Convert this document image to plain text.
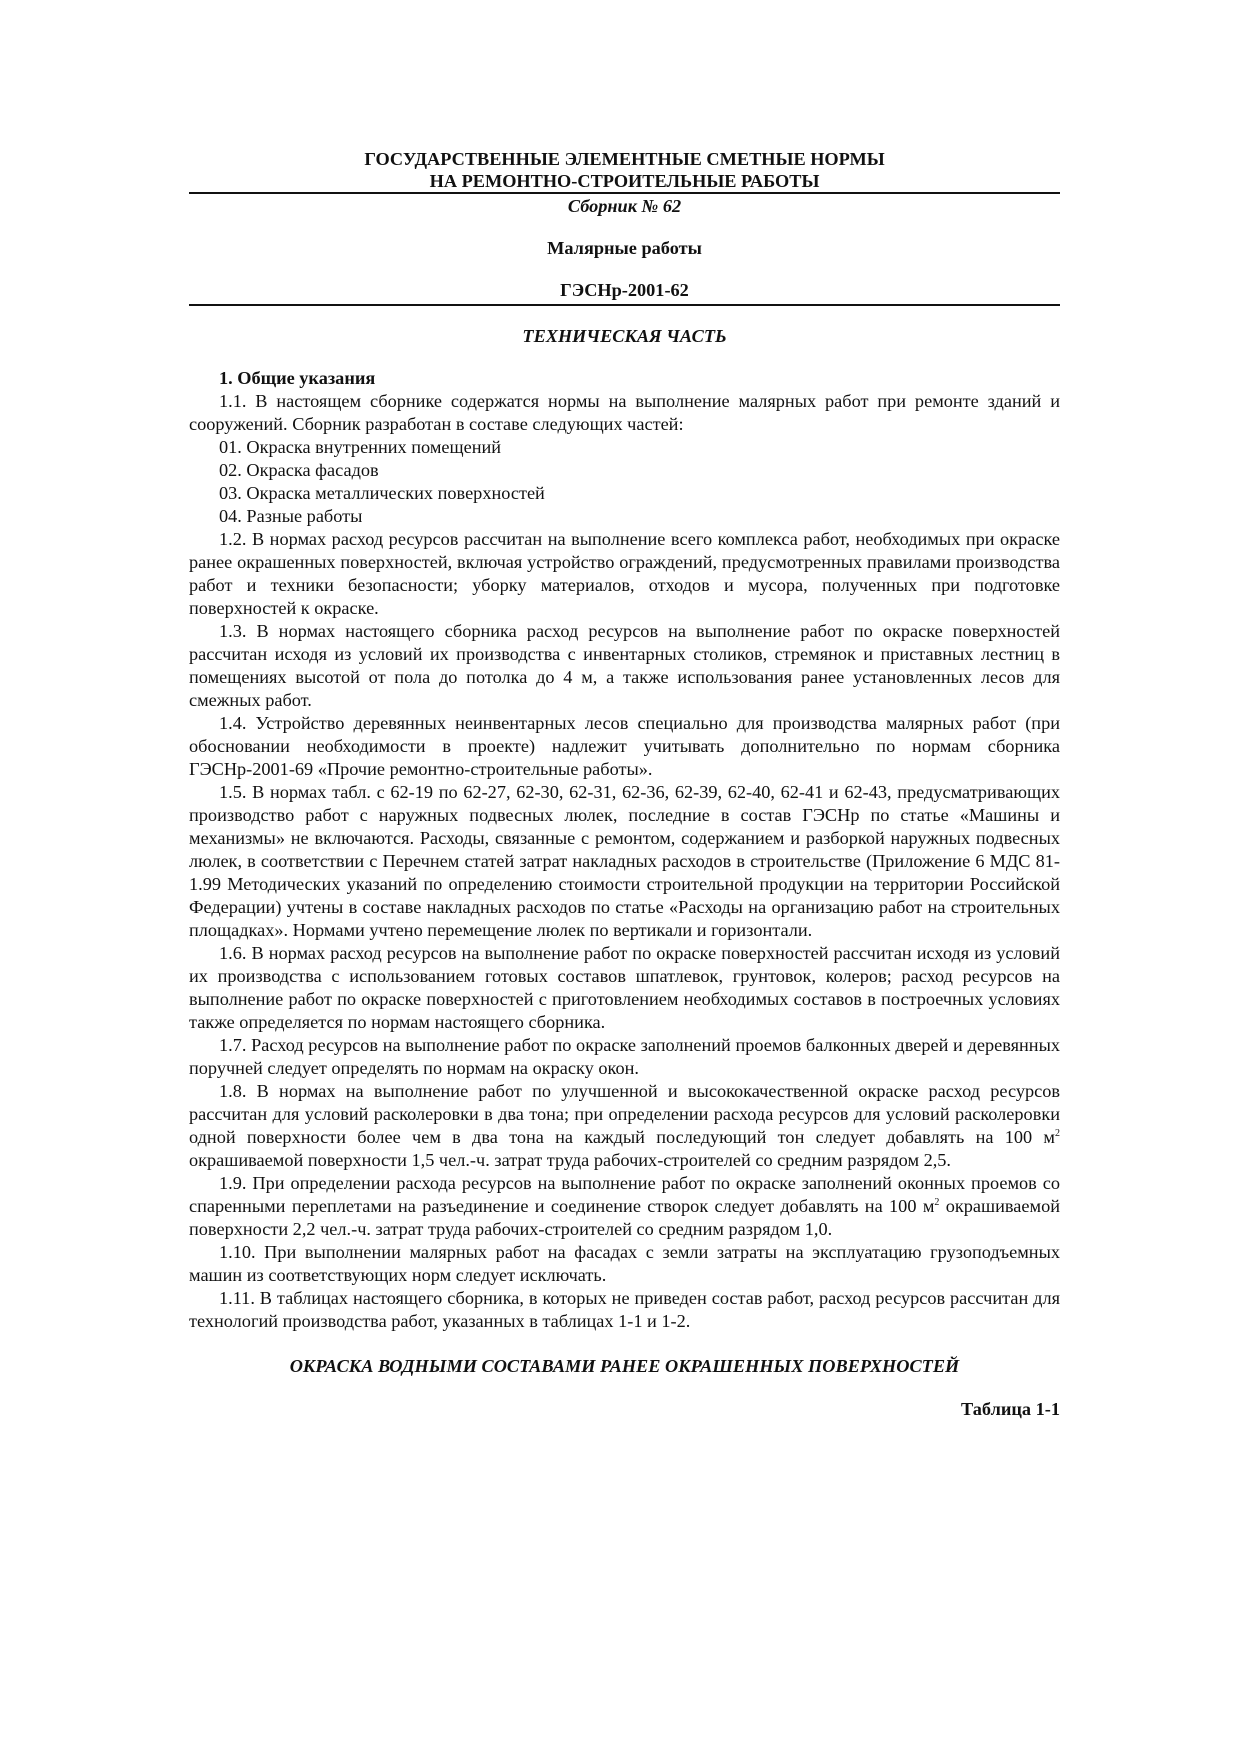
ГОСУДАРСТВЕННЫЕ ЭЛЕМЕНТНЫЕ СМЕТНЫЕ НОРМЫ
НА РЕМОНТНО-СТРОИТЕЛЬНЫЕ РАБОТЫ
Сборник № 62
Малярные работы
ГЭСНр-2001-62
ТЕХНИЧЕСКАЯ ЧАСТЬ

1. Общие указания

1.1. В настоящем сборнике содержатся нормы на выполнение малярных работ при ремонте зданий и сооружений. Сборник разработан в составе следующих частей:

01. Окраска внутренних помещений

02. Окраска фасадов

03. Окраска металлических поверхностей

04. Разные работы

1.2. В нормах расход ресурсов рассчитан на выполнение всего комплекса работ, необходимых при окраске ранее окрашенных поверхностей, включая устройство ограждений, предусмотренных правилами производства работ и техники безопасности; уборку материалов, отходов и мусора, полученных при подготовке поверхностей к окраске.

1.3. В нормах настоящего сборника расход ресурсов на выполнение работ по окраске поверхностей рассчитан исходя из условий их производства с инвентарных столиков, стремянок и приставных лестниц в помещениях высотой от пола до потолка до 4 м, а также использования ранее установленных лесов для смежных работ.

1.4. Устройство деревянных неинвентарных лесов специально для производства малярных работ (при обосновании необходимости в проекте) надлежит учитывать дополнительно по нормам сборника ГЭСНр-2001-69 «Прочие ремонтно-строительные работы».

1.5. В нормах табл. с 62-19 по 62-27, 62-30, 62-31, 62-36, 62-39, 62-40, 62-41 и 62-43, предусматривающих производство работ с наружных подвесных люлек, последние в состав ГЭСНр по статье «Машины и механизмы» не включаются. Расходы, связанные с ремонтом, содержанием и разборкой наружных подвесных люлек, в соответствии с Перечнем статей затрат накладных расходов в строительстве (Приложение 6 МДС 81-1.99 Методических указаний по определению стоимости строительной продукции на территории Российской Федерации) учтены в составе накладных расходов по статье «Расходы на организацию работ на строительных площадках». Нормами учтено перемещение люлек по вертикали и горизонтали.

1.6. В нормах расход ресурсов на выполнение работ по окраске поверхностей рассчитан исходя из условий их производства с использованием готовых составов шпатлевок, грунтовок, колеров; расход ресурсов на выполнение работ по окраске поверхностей с приготовлением необходимых составов в построечных условиях также определяется по нормам настоящего сборника.

1.7. Расход ресурсов на выполнение работ по окраске заполнений проемов балконных дверей и деревянных поручней следует определять по нормам на окраску окон.

1.8. В нормах на выполнение работ по улучшенной и высококачественной окраске расход ресурсов рассчитан для условий расколеровки в два тона; при определении расхода ресурсов для условий расколеровки одной поверхности более чем в два тона на каждый последующий тон следует добавлять на 100 $м^2$ окрашиваемой поверхности 1,5 чел.-ч. затрат труда рабочих-строителей со средним разрядом 2,5.

1.9. При определении расхода ресурсов на выполнение работ по окраске заполнений оконных проемов со спаренными переплетами на разъединение и соединение створок следует добавлять на 100 $м^2$ окрашиваемой поверхности 2,2 чел.-ч. затрат труда рабочих-строителей со средним разрядом 1,0.

1.10. При выполнении малярных работ на фасадах с земли затраты на эксплуатацию грузоподъемных машин из соответствующих норм следует исключать.

1.11. В таблицах настоящего сборника, в которых не приведен состав работ, расход ресурсов рассчитан для технологий производства работ, указанных в таблицах 1-1 и 1-2.

ОКРАСКА ВОДНЫМИ СОСТАВАМИ РАНЕЕ ОКРАШЕННЫХ ПОВЕРХНОСТЕЙ
Таблица 1-1
